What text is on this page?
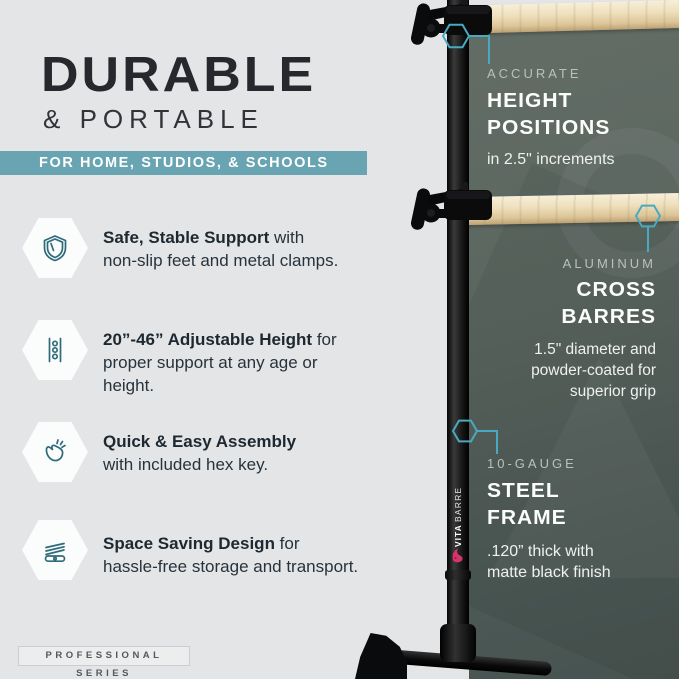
ACCURATE
HEIGHT
POSITIONS
in 2.5" increments
ALUMINUM
CROSS
BARRES
1.5" diameter and
powder-coated for
superior grip
10-GAUGE
STEEL
FRAME
.120” thick with
matte black finish
VITA
BARRE
DURABLE
& PORTABLE
FOR HOME, STUDIOS, & SCHOOLS
Safe, Stable Support with
non-slip feet and metal clamps.
20”-46” Adjustable Height for
proper support at any age or height.
Quick & Easy Assembly
with included hex key.
Space Saving Design for
hassle-free storage and transport.
PROFESSIONAL SERIES
